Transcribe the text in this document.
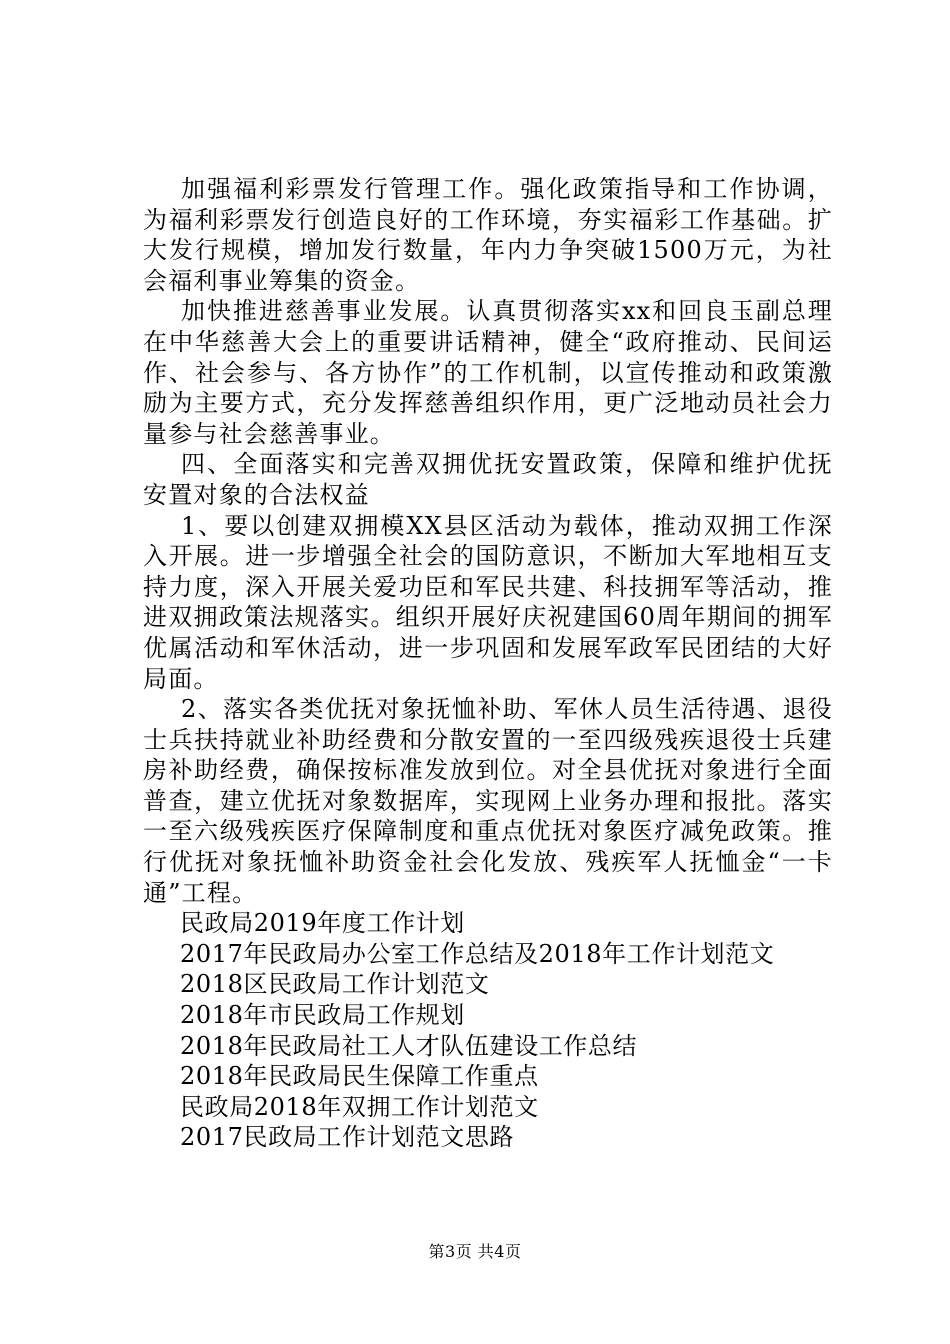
加强福利彩票发行管理工作。强化政策指导和工作协调，为福利彩票发行创造良好的工作环境，夯实福彩工作基础。扩大发行规模，增加发行数量，年内力争突破1500万元，为社会福利事业筹集的资金。

加快推进慈善事业发展。认真贯彻落实xx和回良玉副总理在中华慈善大会上的重要讲话精神，健全“政府推动、民间运作、社会参与、各方协作”的工作机制，以宣传推动和政策激励为主要方式，充分发挥慈善组织作用，更广泛地动员社会力量参与社会慈善事业。

四、全面落实和完善双拥优抚安置政策，保障和维护优抚安置对象的合法权益

1、要以创建双拥模XX县区活动为载体，推动双拥工作深入开展。进一步增强全社会的国防意识，不断加大军地相互支持力度，深入开展关爱功臣和军民共建、科技拥军等活动，推进双拥政策法规落实。组织开展好庆祝建国60周年期间的拥军优属活动和军休活动，进一步巩固和发展军政军民团结的大好局面。

2、落实各类优抚对象抚恤补助、军休人员生活待遇、退役士兵扶持就业补助经费和分散安置的一至四级残疾退役士兵建房补助经费，确保按标准发放到位。对全县优抚对象进行全面普查，建立优抚对象数据库，实现网上业务办理和报批。落实一至六级残疾医疗保障制度和重点优抚对象医疗减免政策。推行优抚对象抚恤补助资金社会化发放、残疾军人抚恤金“一卡通”工程。

民政局2019年度工作计划
2017年民政局办公室工作总结及2018年工作计划范文
2018区民政局工作计划范文
2018年市民政局工作规划
2018年民政局社工人才队伍建设工作总结
2018年民政局民生保障工作重点
民政局2018年双拥工作计划范文
2017民政局工作计划范文思路
第3页 共4页
